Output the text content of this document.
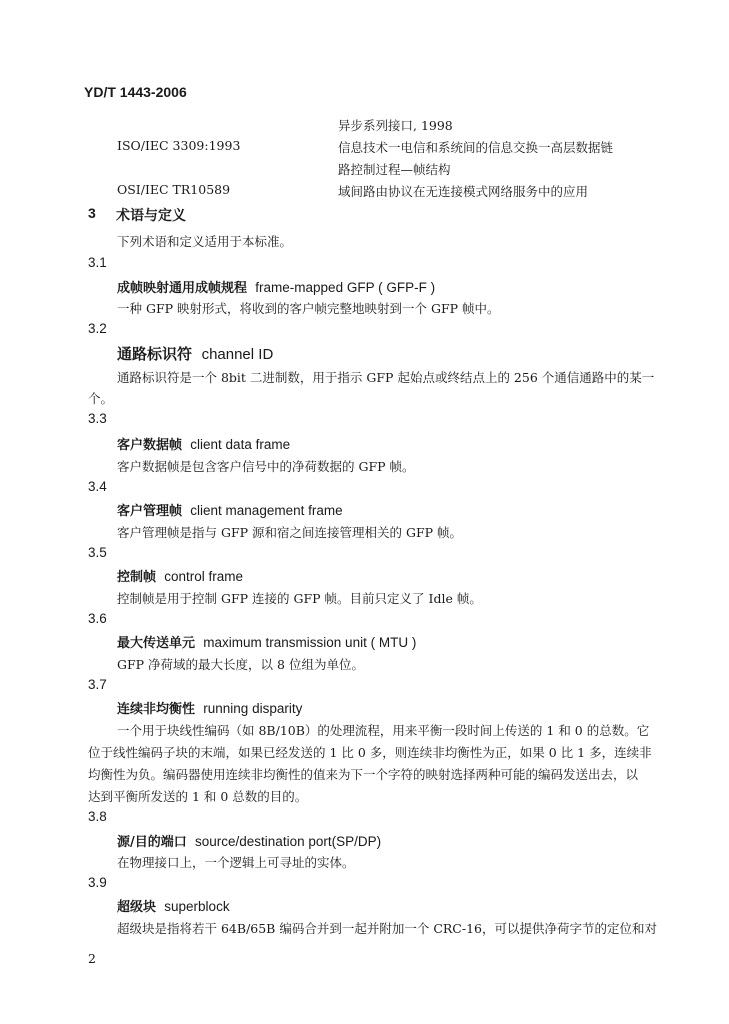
YD/T 1443-2006
异步系列接口, 1998
ISO/IEC 3309:1993	信息技术一电信和系统间的信息交换一高层数据链
路控制过程—帧结构
OSI/IEC TR10589	域间路由协议在无连接模式网络服务中的应用
3 术语与定义
下列术语和定义适用于本标准。
3.1
成帧映射通用成帧规程 frame-mapped GFP ( GFP-F )
一种 GFP 映射形式，将收到的客户帧完整地映射到一个 GFP 帧中。
3.2
通路标识符 channel ID
通路标识符是一个 8bit 二进制数，用于指示 GFP 起始点或终结点上的 256 个通信通路中的某一
个。
3.3
客户数据帧 client data frame
客户数据帧是包含客户信号中的净荷数据的 GFP 帧。
3.4
客户管理帧 client management frame
客户管理帧是指与 GFP 源和宿之间连接管理相关的 GFP 帧。
3.5
控制帧 control frame
控制帧是用于控制 GFP 连接的 GFP 帧。目前只定义了 Idle 帧。
3.6
最大传送单元 maximum transmission unit ( MTU )
GFP 净荷域的最大长度，以 8 位组为单位。
3.7
连续非均衡性 running disparity
一个用于块线性编码（如 8B/10B）的处理流程，用来平衡一段时间上传送的 1 和 0 的总数。它
位于线性编码子块的末端，如果已经发送的 1 比 0 多，则连续非均衡性为正，如果 0 比 1 多，连续非
均衡性为负。编码器使用连续非均衡性的值来为下一个字符的映射选择两种可能的编码发送出去，以
达到平衡所发送的 1 和 0 总数的目的。
3.8
源/目的端口 source/destination port(SP/DP)
在物理接口上，一个逻辑上可寻址的实体。
3.9
超级块 superblock
超级块是指将若干 64B/65B 编码合并到一起并附加一个 CRC-16，可以提供净荷字节的定位和对
2
